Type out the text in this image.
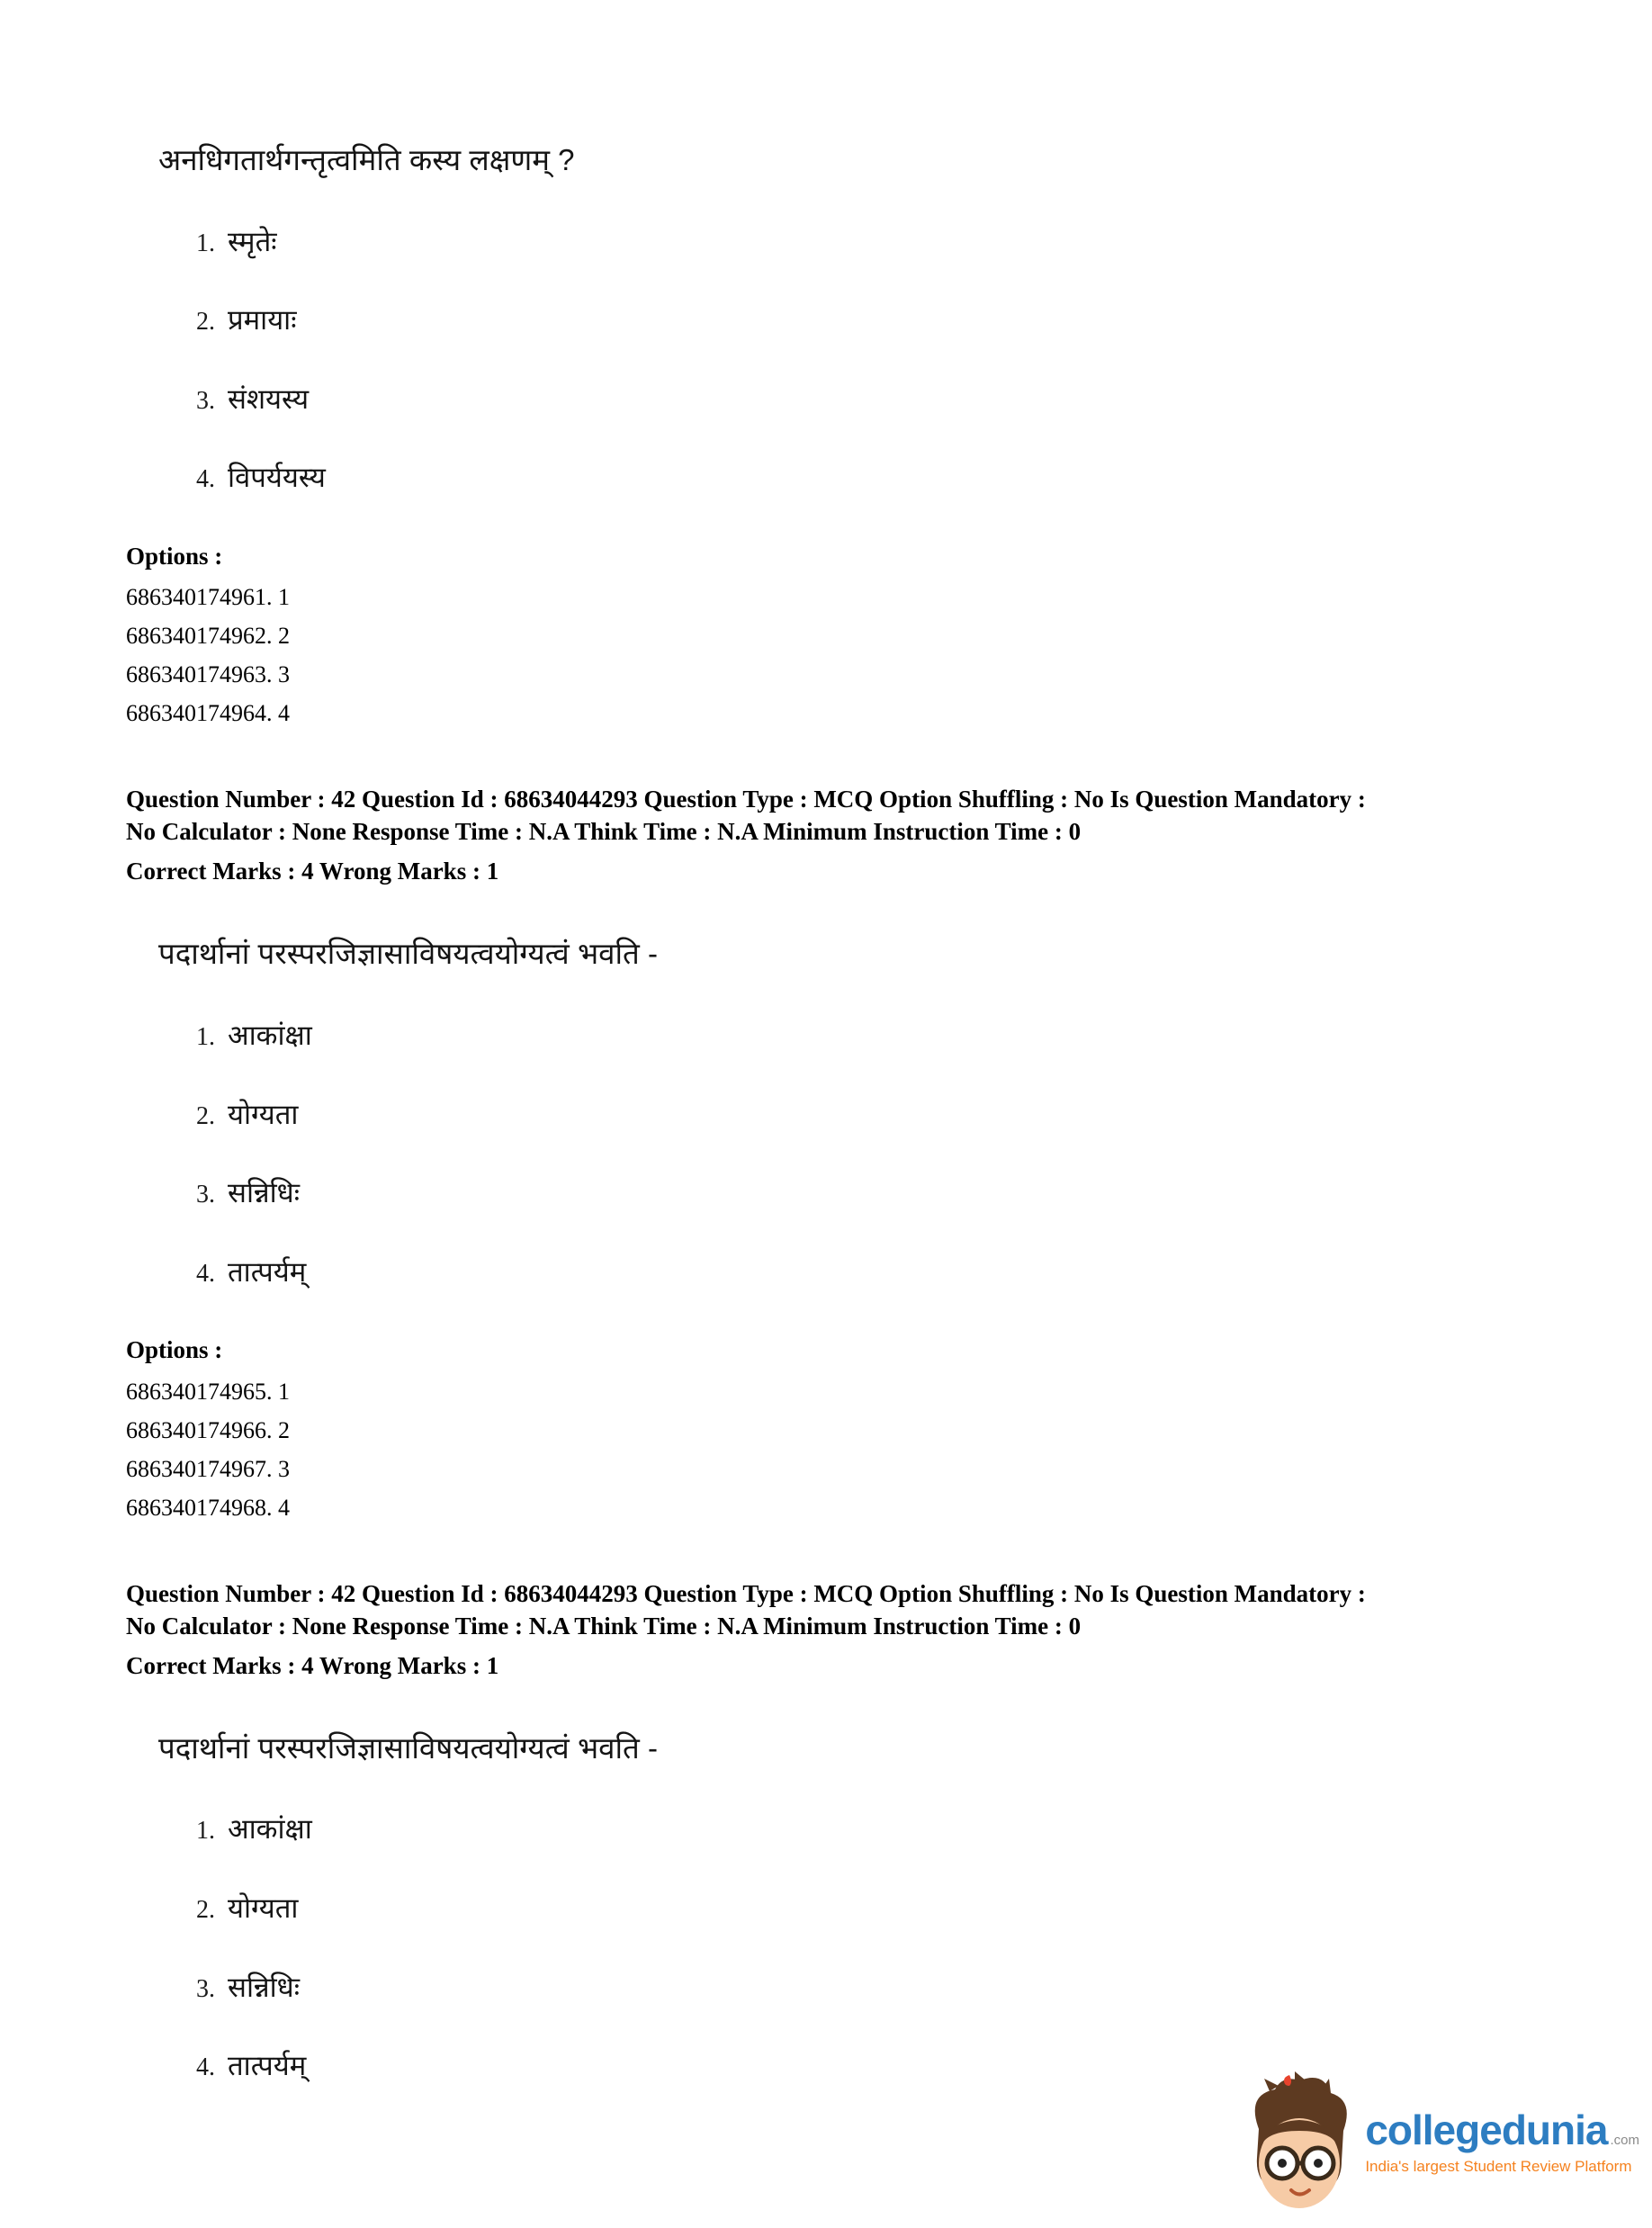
अनधिगतार्थगन्तृत्वमिति कस्य लक्षणम् ?
1. स्मृतेः
2. प्रमायाः
3. संशयस्य
4. विपर्ययस्य
Options :
686340174961. 1
686340174962. 2
686340174963. 3
686340174964. 4
Question Number : 42 Question Id : 68634044293 Question Type : MCQ Option Shuffling : No Is Question Mandatory :
No Calculator : None Response Time : N.A Think Time : N.A Minimum Instruction Time : 0
Correct Marks : 4 Wrong Marks : 1
पदार्थानां परस्परजिज्ञासाविषयत्वयोग्यत्वं भवति -
1. आकांक्षा
2. योग्यता
3. सन्निधिः
4. तात्पर्यम्
Options :
686340174965. 1
686340174966. 2
686340174967. 3
686340174968. 4
Question Number : 42 Question Id : 68634044293 Question Type : MCQ Option Shuffling : No Is Question Mandatory :
No Calculator : None Response Time : N.A Think Time : N.A Minimum Instruction Time : 0
Correct Marks : 4 Wrong Marks : 1
पदार्थानां परस्परजिज्ञासाविषयत्वयोग्यत्वं भवति -
1. आकांक्षा
2. योग्यता
3. सन्निधिः
4. तात्पर्यम्
collegedunia .com
India's largest Student Review Platform
